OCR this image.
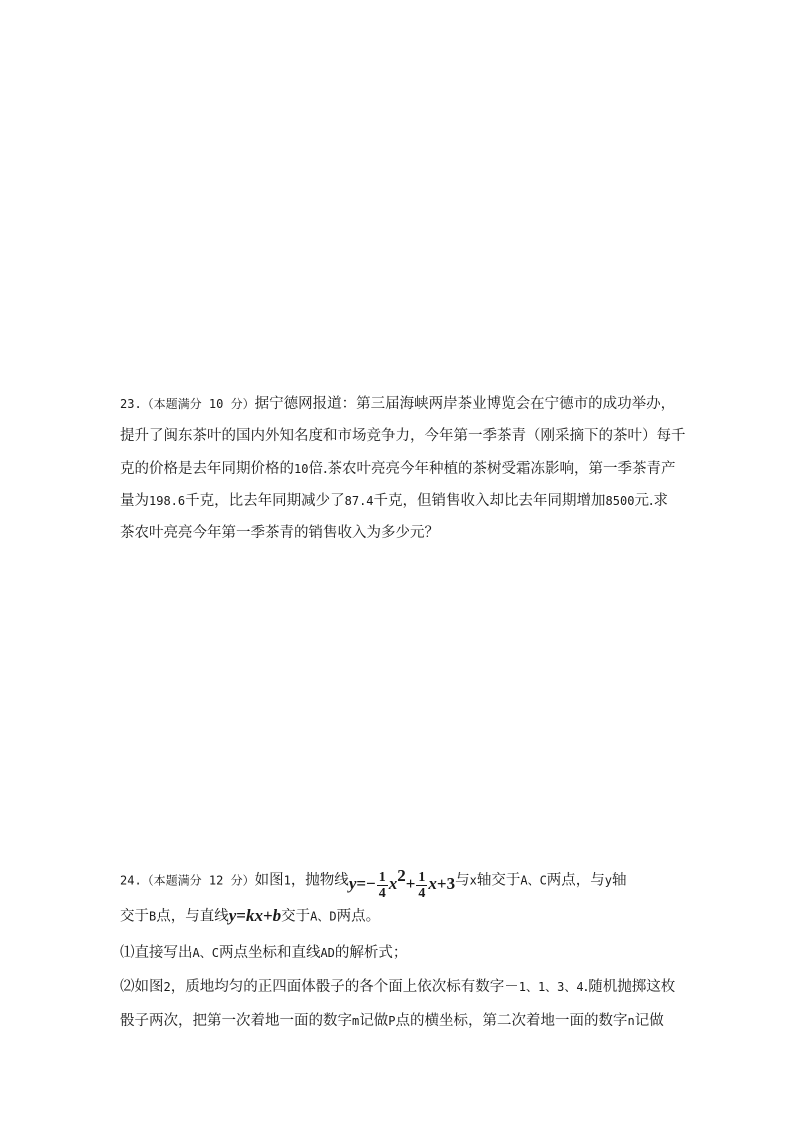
23.（本题满分 10 分）据宁德网报道：第三届海峡两岸茶业博览会在宁德市的成功举办，
提升了闽东茶叶的国内外知名度和市场竞争力，今年第一季茶青（刚采摘下的茶叶）每千
克的价格是去年同期价格的10倍.茶农叶亮亮今年种植的茶树受霜冻影响，第一季茶青产
量为198.6千克，比去年同期减少了87.4千克，但销售收入却比去年同期增加8500元.求
茶农叶亮亮今年第一季茶青的销售收入为多少元？
24.（本题满分 12 分）如图1，抛物线$y=- \frac{1}{4} x^2+ \frac{1}{4} x+3$与x轴交于A、C两点，与y轴
交于B点，与直线y=kx+b交于A、D两点。
⑴直接写出A、C两点坐标和直线AD的解析式；
⑵如图2，质地均匀的正四面体骰子的各个面上依次标有数字－1、1、3、4.随机抛掷这枚
骰子两次，把第一次着地一面的数字m记做P点的横坐标，第二次着地一面的数字n记做
